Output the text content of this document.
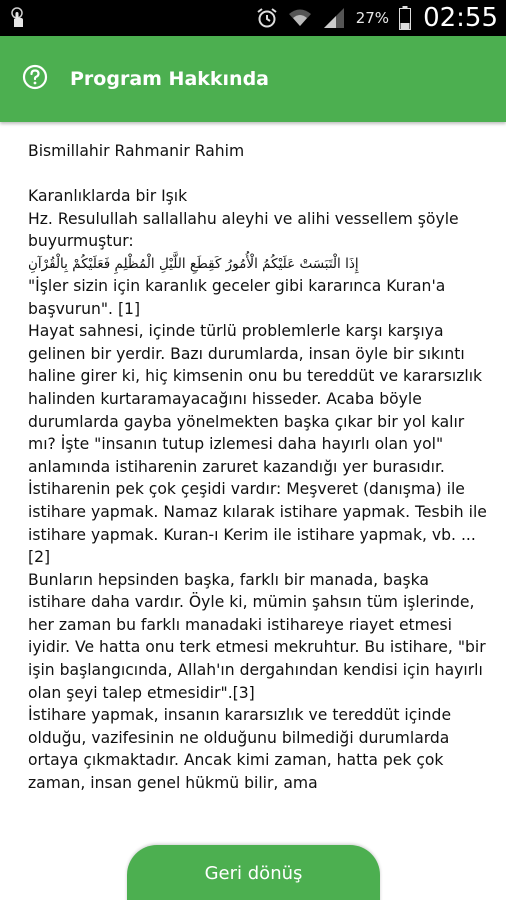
27% 02:55
Program Hakkında

Bismillahir Rahmanir Rahim

Karanlıklarda bir Işık

Hz. Resulullah sallallahu aleyhi ve alihi vessellem şöyle buyurmuştur:

إِذَا الْتَبَسَتْ عَلَيْكُمُ الْأُمُورُ كَقِطَعِ اللَّيْلِ الْمُظْلِمِ فَعَلَيْكُمْ بِالْقُرْآنِ

"İşler sizin için karanlık geceler gibi kararınca Kuran'a başvurun". [1]

Hayat sahnesi, içinde türlü problemlerle karşı karşıya gelinen bir yerdir. Bazı durumlarda, insan öyle bir sıkıntı haline girer ki, hiç kimsenin onu bu tereddüt ve kararsızlık halinden kurtaramayacağını hisseder. Acaba böyle durumlarda gayba yönelmekten başka çıkar bir yol kalır mı? İşte "insanın tutup izlemesi daha hayırlı olan yol" anlamında istiharenin zaruret kazandığı yer burasıdır.

İstiharenin pek çok çeşidi vardır: Meşveret (danışma) ile istihare yapmak. Namaz kılarak istihare yapmak. Tesbih ile istihare yapmak. Kuran-ı Kerim ile istihare yapmak, vb. ...[2]

Bunların hepsinden başka, farklı bir manada, başka istihare daha vardır. Öyle ki, mümin şahsın tüm işlerinde, her zaman bu farklı manadaki istihareye riayet etmesi iyidir. Ve hatta onu terk etmesi mekruhtur. Bu istihare, "bir işin başlangıcında, Allah'ın dergahından kendisi için hayırlı olan şeyi talep etmesidir".[3]

İstihare yapmak, insanın kararsızlık ve tereddüt içinde olduğu, vazifesinin ne olduğunu bilmediği durumlarda ortaya çıkmaktadır. Ancak kimi zaman, hatta pek çok zaman, insan genel hükmü bilir, ama

Geri dönüş
